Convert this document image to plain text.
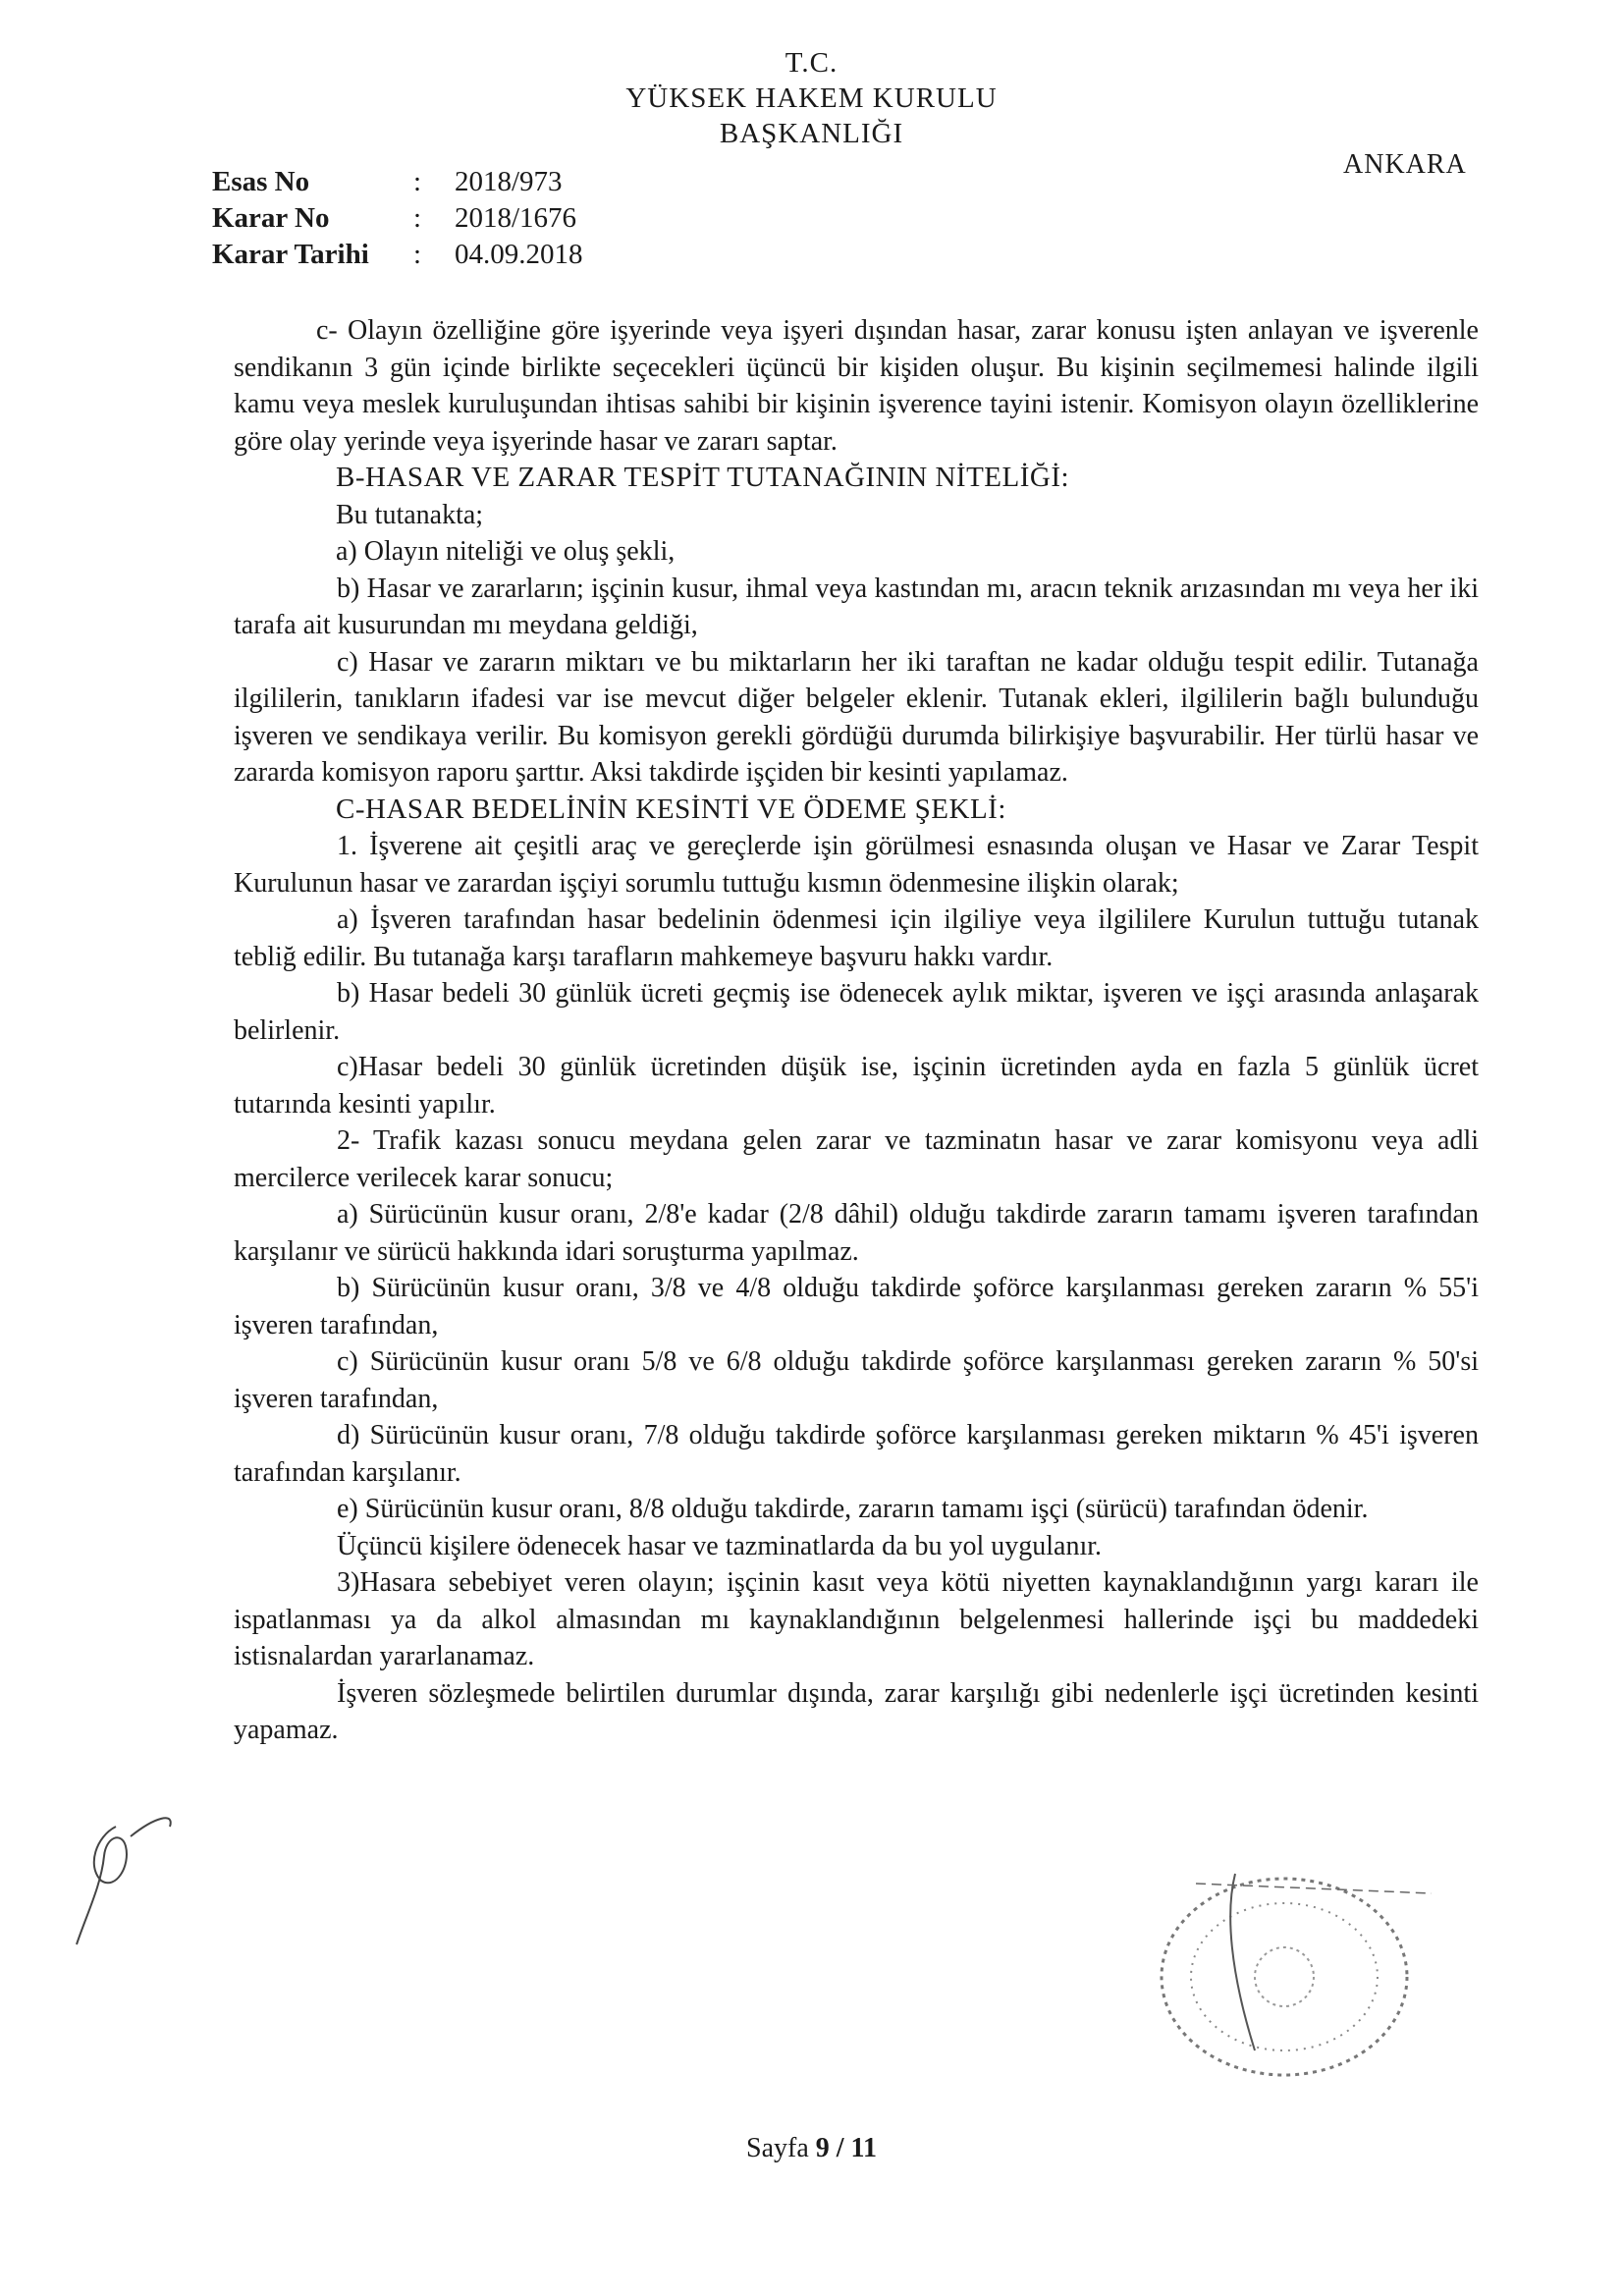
T.C.
YÜKSEK HAKEM KURULU
BAŞKANLIĞI
ANKARA
Esas No	:	2018/973
Karar No	:	2018/1676
Karar Tarihi	:	04.09.2018

c- Olayın özelliğine göre işyerinde veya işyeri dışından hasar, zarar konusu işten anlayan ve işverenle sendikanın 3 gün içinde birlikte seçecekleri üçüncü bir kişiden oluşur. Bu kişinin seçilmemesi halinde ilgili kamu veya meslek kuruluşundan ihtisas sahibi bir kişinin işverence tayini istenir. Komisyon olayın özelliklerine göre olay yerinde veya işyerinde hasar ve zararı saptar.

B-HASAR VE ZARAR TESPİT TUTANAĞININ NİTELİĞİ:

Bu tutanakta;

a) Olayın niteliği ve oluş şekli,

b) Hasar ve zararların; işçinin kusur, ihmal veya kastından mı, aracın teknik arızasından mı veya her iki tarafa ait kusurundan mı meydana geldiği,

c) Hasar ve zararın miktarı ve bu miktarların her iki taraftan ne kadar olduğu tespit edilir. Tutanağa ilgililerin, tanıkların ifadesi var ise mevcut diğer belgeler eklenir. Tutanak ekleri, ilgililerin bağlı bulunduğu işveren ve sendikaya verilir. Bu komisyon gerekli gördüğü durumda bilirkişiye başvurabilir. Her türlü hasar ve zararda komisyon raporu şarttır. Aksi takdirde işçiden bir kesinti yapılamaz.

C-HASAR BEDELİNİN KESİNTİ VE ÖDEME ŞEKLİ:

1. İşverene ait çeşitli araç ve gereçlerde işin görülmesi esnasında oluşan ve Hasar ve Zarar Tespit Kurulunun hasar ve zarardan işçiyi sorumlu tuttuğu kısmın ödenmesine ilişkin olarak;

a) İşveren tarafından hasar bedelinin ödenmesi için ilgiliye veya ilgililere Kurulun tuttuğu tutanak tebliğ edilir. Bu tutanağa karşı tarafların mahkemeye başvuru hakkı vardır.

b) Hasar bedeli 30 günlük ücreti geçmiş ise ödenecek aylık miktar, işveren ve işçi arasında anlaşarak belirlenir.

c)Hasar bedeli 30 günlük ücretinden düşük ise, işçinin ücretinden ayda en fazla 5 günlük ücret tutarında kesinti yapılır.

2- Trafik kazası sonucu meydana gelen zarar ve tazminatın hasar ve zarar komisyonu veya adli mercilerce verilecek karar sonucu;

a) Sürücünün kusur oranı, 2/8'e kadar (2/8 dâhil) olduğu takdirde zararın tamamı işveren tarafından karşılanır ve sürücü hakkında idari soruşturma yapılmaz.

b) Sürücünün kusur oranı, 3/8 ve 4/8 olduğu takdirde şoförce karşılanması gereken zararın % 55'i işveren tarafından,

c) Sürücünün kusur oranı 5/8 ve 6/8 olduğu takdirde şoförce karşılanması gereken zararın % 50'si işveren tarafından,

d) Sürücünün kusur oranı, 7/8 olduğu takdirde şoförce karşılanması gereken miktarın % 45'i işveren tarafından karşılanır.

e) Sürücünün kusur oranı, 8/8 olduğu takdirde, zararın tamamı işçi (sürücü) tarafından ödenir.

Üçüncü kişilere ödenecek hasar ve tazminatlarda da bu yol uygulanır.

3)Hasara sebebiyet veren olayın; işçinin kasıt veya kötü niyetten kaynaklandığının yargı kararı ile ispatlanması ya da alkol almasından mı kaynaklandığının belgelenmesi hallerinde işçi bu maddedeki istisnalardan yararlanamaz.

İşveren sözleşmede belirtilen durumlar dışında, zarar karşılığı gibi nedenlerle işçi ücretinden kesinti yapamaz.

Sayfa 9 / 11
